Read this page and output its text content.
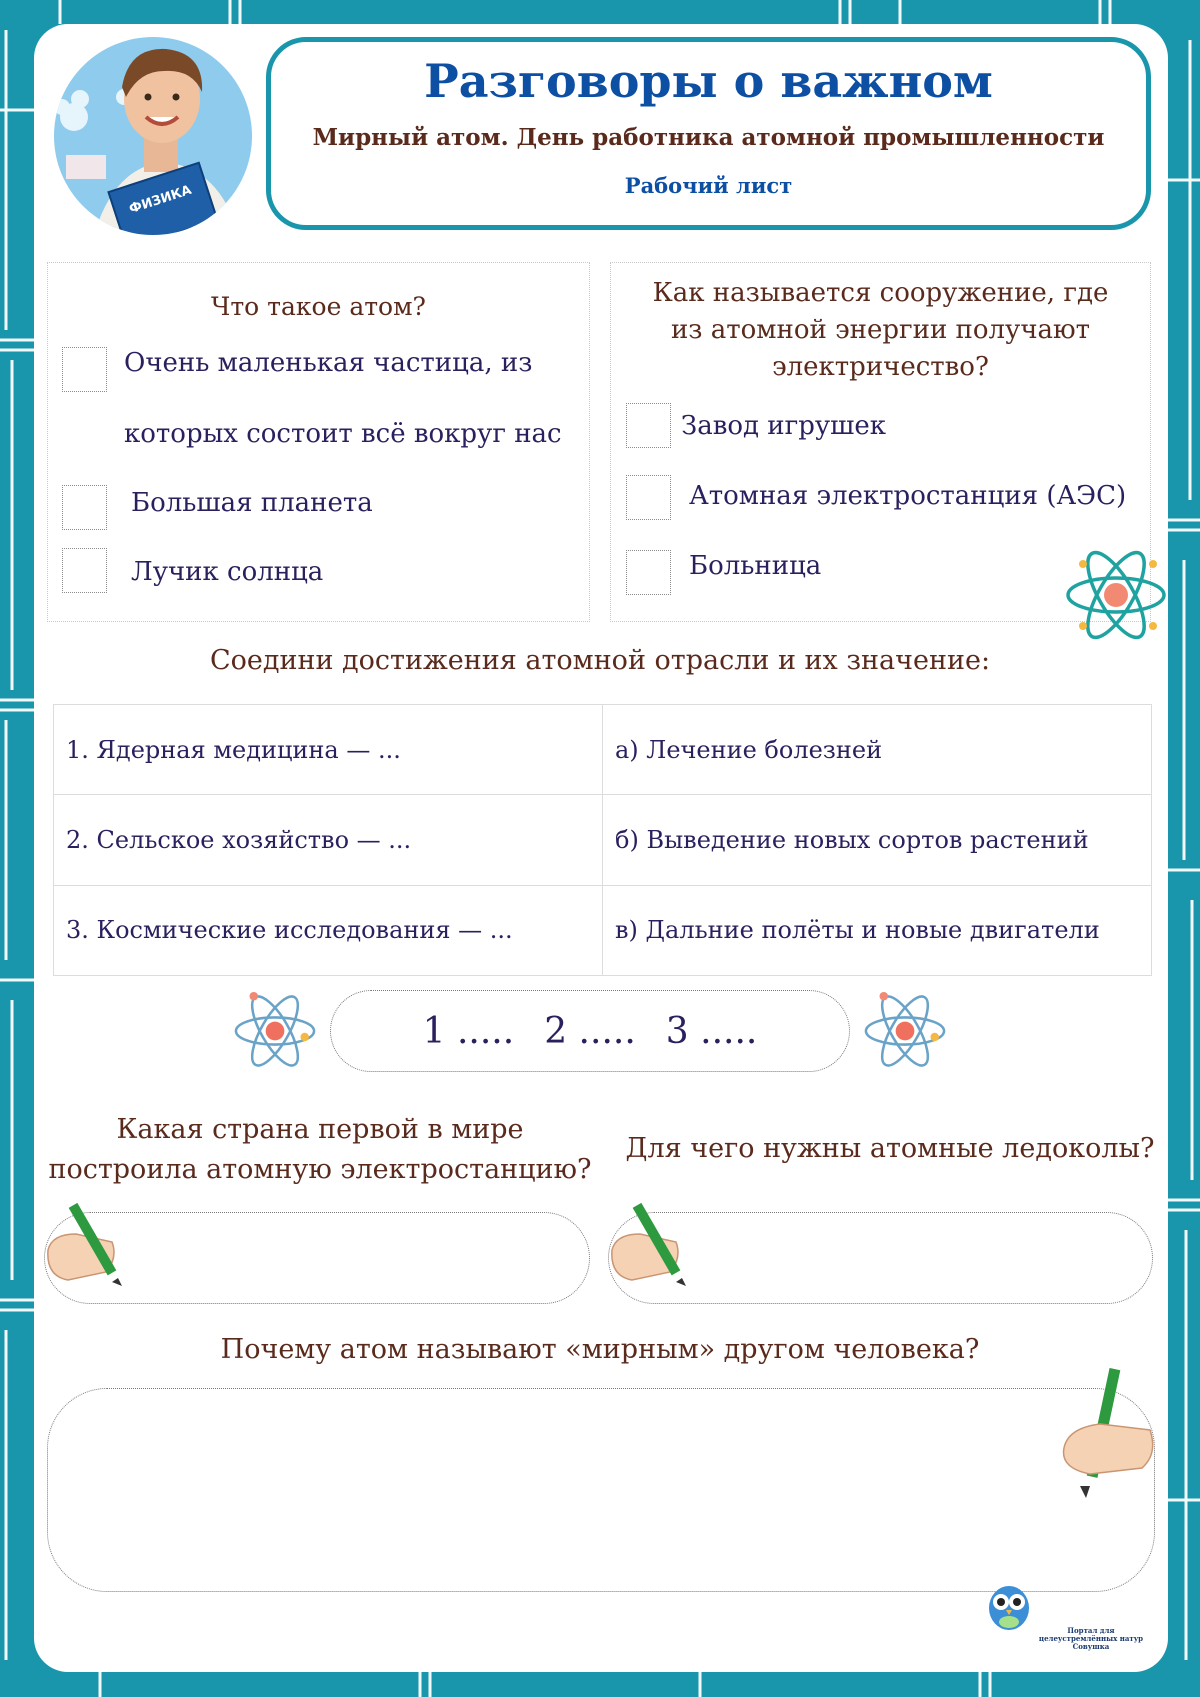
ФИЗИКА
Разговоры о важном
Мирный атом. День работника атомной промышленности
Рабочий лист
Что такое атом?
Очень маленькая частица, из
которых состоит всё вокруг нас
Большая планета
Лучик солнца
Как называется сооружение, где
из атомной энергии получают
электричество?
Завод игрушек
Атомная электростанция (АЭС)
Больница
Соедини достижения атомной отрасли и их значение:
1. Ядерная медицина — ...	а) Лечение болезней
2. Сельское хозяйство — ...	б) Выведение новых сортов растений
3. Космические исследования — ...	в) Дальние полёты и новые двигатели
1 ..... 2 ..... 3 .....
Какая страна первой в мире
построила атомную электростанцию?
Для чего нужны атомные ледоколы?
Почему атом называют «мирным» другом человека?
Портал для
целеустремлённых натур
Совушка
